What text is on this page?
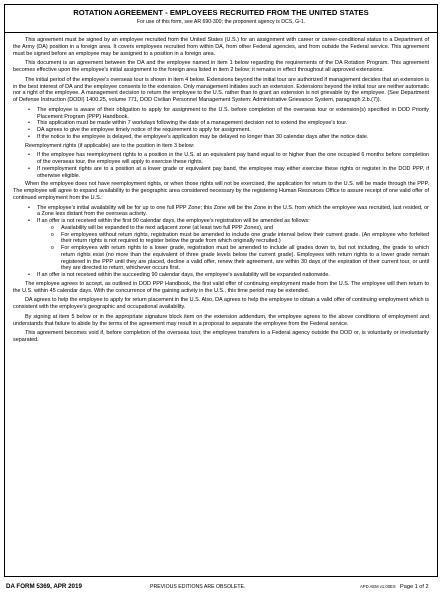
ROTATION AGREEMENT - EMPLOYEES RECRUITED FROM THE UNITED STATES
For use of this form, see AR 690-300; the proponent agency is DCS, G-1.

This agreement must be signed by an employee recruited from the United States (U.S.) for an assignment with career or career-conditional status to a Department of the Army (DA) position in a foreign area. It covers employees recruited from within DA, from other Federal agencies, and from outside the Federal service. This agreement must be signed before an employee may be assigned to a position in a foreign area.

This document is an agreement between the DA and the employee named in item 1 below regarding the requirements of the DA Rotation Program. This agreement becomes effective upon the employee's initial assignment to the foreign area listed in item 2 below; it remains in effect throughout all approved extensions.

The initial period of the employee's overseas tour is shown in item 4 below. Extensions beyond the initial tour are authorized if management decides that an extension is in the best interest of DA and the employee consents to the extension. Only management initiates such an extension. Extensions beyond the initial tour are neither automatic nor a right of the employee. A management decision to return the employee to the U.S. rather than to grant an extension is not grievable by the employee. (See Department of Defense Instruction (DODI) 1400.25, volume 771, DOD Civilian Personnel Management System: Administrative Grievance System, paragraph 2.b.(7)).

• The employee is aware of their obligation to apply for assignment to the U.S. before completion of the overseas tour or extension(s) specified in DOD Priority Placement Program (PPP) Handbook.
• This application must be made within 7 workdays following the date of a management decision not to extend the employee's tour.
• DA agrees to give the employee timely notice of the requirement to apply for assignment.
• If the notice to the employee is delayed, the employee's application may be delayed no longer than 30 calendar days after the notice date.

Reemployment rights (if applicable) are to the position in item 3 below:

• If the employee has reemployment rights to a position in the U.S. at an equivalent pay band equal to or higher than the one occupied 6 months before completion of the overseas tour, the employee will apply to exercise these rights.
• If reemployment rights are to a position at a lower grade or equivalent pay band, the employee may either exercise these rights or register in the DOD PPP, if otherwise eligible.

When the employee does not have reemployment rights, or when those rights will not be exercised, the application for return to the U.S. will be made through the PPP. The employee will agree to expand availability to the geographic area considered necessary by the registering Human Resources Office to assure receipt of one valid offer of continued employment from the U.S.:

• The employee's initial availability will be for up to one full PPP Zone; this Zone will be the Zone in the U.S. from which the employee was recruited, last resided, or a Zone less distant from the overseas activity.
• If an offer is not received within the first 90 calendar days, the employee's registration will be amended as follows:
o Availability will be expanded to the next adjacent zone (at least two full PPP Zones), and
o For employees without return rights, registration must be amended to include one grade interval below their current grade. (An employee who forfeited their return rights is not required to register below the grade from which originally recruited.)
o For employees with return rights to a lower grade, registration must be amended to include all grades down to, but not including, the grade to which return rights exist (no more than the equivalent of three grade levels below the current grade). Employees with return rights to a lower grade remain registered in the PPP until they are placed, decline a valid offer, renew their agreement, are within 30 days of the expiration of their current tour, or until they are directed to return, whichever occurs first.
• If an offer is not received within the succeeding 90 calendar days, the employee's availability will be expanded nationwide.

The employee agrees to accept, as outlined in DOD PPP Handbook, the first valid offer of continuing employment made from the U.S. The employee will then return to the U.S. within 45 calendar days. With the concurrence of the gaining activity in the U.S., this time period may be extended.

DA agrees to help the employee to apply for return placement in the U.S. Also, DA agrees to help the employee to obtain a valid offer of continuing employment which is consistent with the employee's geographic and occupational availability.

By signing at item 5 below or in the appropriate signature block item on the extension addendum, the employee agrees to the above conditions of employment and understands that failure to abide by the terms of the agreement may result in a proposal to separate the employee from the Federal service.

This agreement becomes void if, before completion of the overseas tour, the employee transfers to a Federal agency outside the DOD or, is voluntarily or involuntarily separated.

DA FORM 5369, APR 2019	PREVIOUS EDITIONS ARE OBSOLETE.	APD AEM v1.00ES Page 1 of 2
